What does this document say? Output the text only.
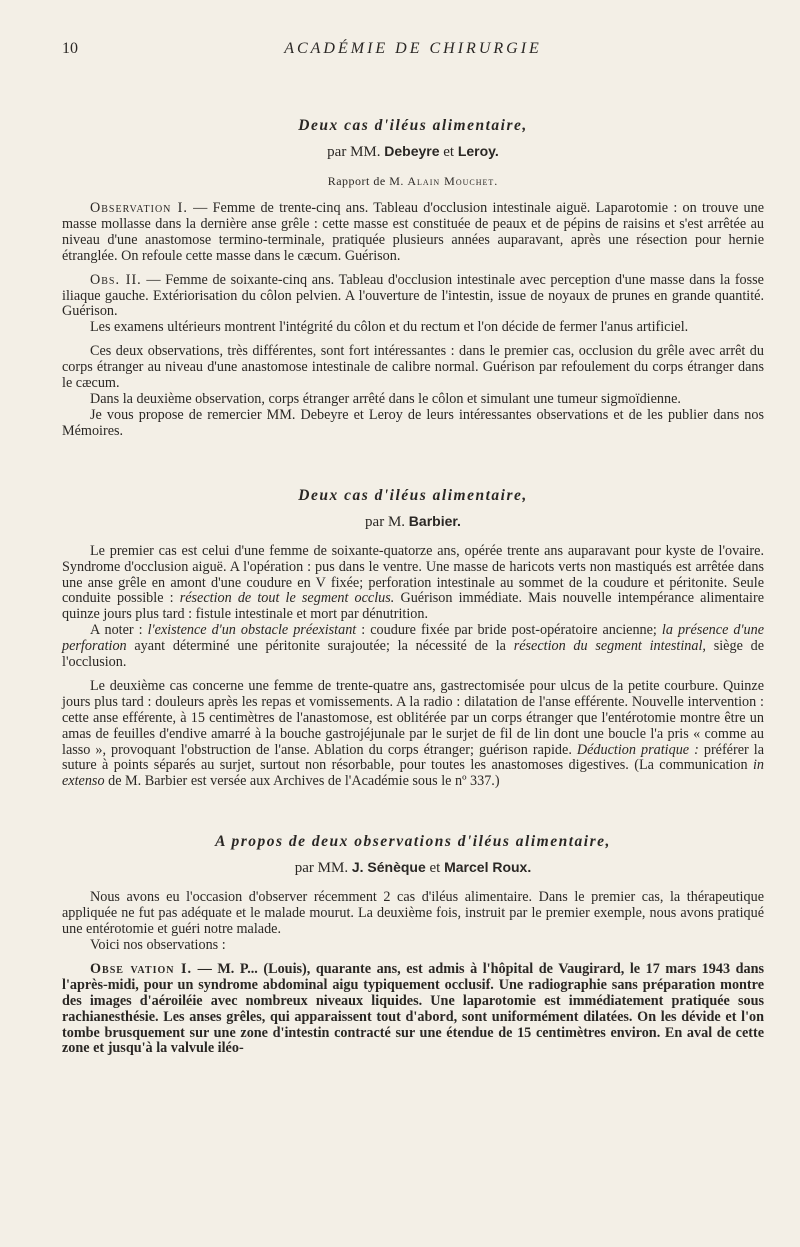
10	ACADÉMIE DE CHIRURGIE
Deux cas d'iléus alimentaire,
par MM. Debeyre et Leroy.
Rapport de M. Alain Mouchet.

Observation I. — Femme de trente-cinq ans. Tableau d'occlusion intestinale aiguë. Laparotomie : on trouve une masse mollasse dans la dernière anse grêle : cette masse est constituée de peaux et de pépins de raisins et s'est arrêtée au niveau d'une anastomose termino-terminale, pratiquée plusieurs années auparavant, après une résection pour hernie étranglée. On refoule cette masse dans le cæcum. Guérison.

Obs. II. — Femme de soixante-cinq ans. Tableau d'occlusion intestinale avec perception d'une masse dans la fosse iliaque gauche. Extériorisation du côlon pelvien. A l'ouverture de l'intestin, issue de noyaux de prunes en grande quantité. Guérison.

Les examens ultérieurs montrent l'intégrité du côlon et du rectum et l'on décide de fermer l'anus artificiel.

Ces deux observations, très différentes, sont fort intéressantes : dans le premier cas, occlusion du grêle avec arrêt du corps étranger au niveau d'une anastomose intestinale de calibre normal. Guérison par refoulement du corps étranger dans le cæcum.

Dans la deuxième observation, corps étranger arrêté dans le côlon et simulant une tumeur sigmoïdienne.

Je vous propose de remercier MM. Debeyre et Leroy de leurs intéressantes observations et de les publier dans nos Mémoires.

Deux cas d'iléus alimentaire,
par M. Barbier.

Le premier cas est celui d'une femme de soixante-quatorze ans, opérée trente ans auparavant pour kyste de l'ovaire. Syndrome d'occlusion aiguë. A l'opération : pus dans le ventre. Une masse de haricots verts non mastiqués est arrêtée dans une anse grêle en amont d'une coudure en V fixée; perforation intestinale au sommet de la coudure et péritonite. Seule conduite possible : résection de tout le segment occlus. Guérison immédiate. Mais nouvelle intempérance alimentaire quinze jours plus tard : fistule intestinale et mort par dénutrition.

A noter : l'existence d'un obstacle préexistant : coudure fixée par bride post-opératoire ancienne; la présence d'une perforation ayant déterminé une péritonite surajoutée; la nécessité de la résection du segment intestinal, siège de l'occlusion.

Le deuxième cas concerne une femme de trente-quatre ans, gastrectomisée pour ulcus de la petite courbure. Quinze jours plus tard : douleurs après les repas et vomissements. A la radio : dilatation de l'anse efférente. Nouvelle intervention : cette anse efférente, à 15 centimètres de l'anastomose, est oblitérée par un corps étranger que l'entérotomie montre être un amas de feuilles d'endive amarré à la bouche gastrojéjunale par le surjet de fil de lin dont une boucle l'a pris « comme au lasso », provoquant l'obstruction de l'anse. Ablation du corps étranger; guérison rapide. Déduction pratique : préférer la suture à points séparés au surjet, surtout non résorbable, pour toutes les anastomoses digestives. (La communication in extenso de M. Barbier est versée aux Archives de l'Académie sous le nº 337.)

A propos de deux observations d'iléus alimentaire,
par MM. J. Sénèque et Marcel Roux.

Nous avons eu l'occasion d'observer récemment 2 cas d'iléus alimentaire. Dans le premier cas, la thérapeutique appliquée ne fut pas adéquate et le malade mourut. La deuxième fois, instruit par le premier exemple, nous avons pratiqué une entérotomie et guéri notre malade.

Voici nos observations :

Obse vation I. — M. P... (Louis), quarante ans, est admis à l'hôpital de Vaugirard, le 17 mars 1943 dans l'après-midi, pour un syndrome abdominal aigu typiquement occlusif. Une radiographie sans préparation montre des images d'aéroiléie avec nombreux niveaux liquides. Une laparotomie est immédiatement pratiquée sous rachianesthésie. Les anses grêles, qui apparaissent tout d'abord, sont uniformément dilatées. On les dévide et l'on tombe brusquement sur une zone d'intestin contracté sur une étendue de 15 centimètres environ. En aval de cette zone et jusqu'à la valvule iléo-
